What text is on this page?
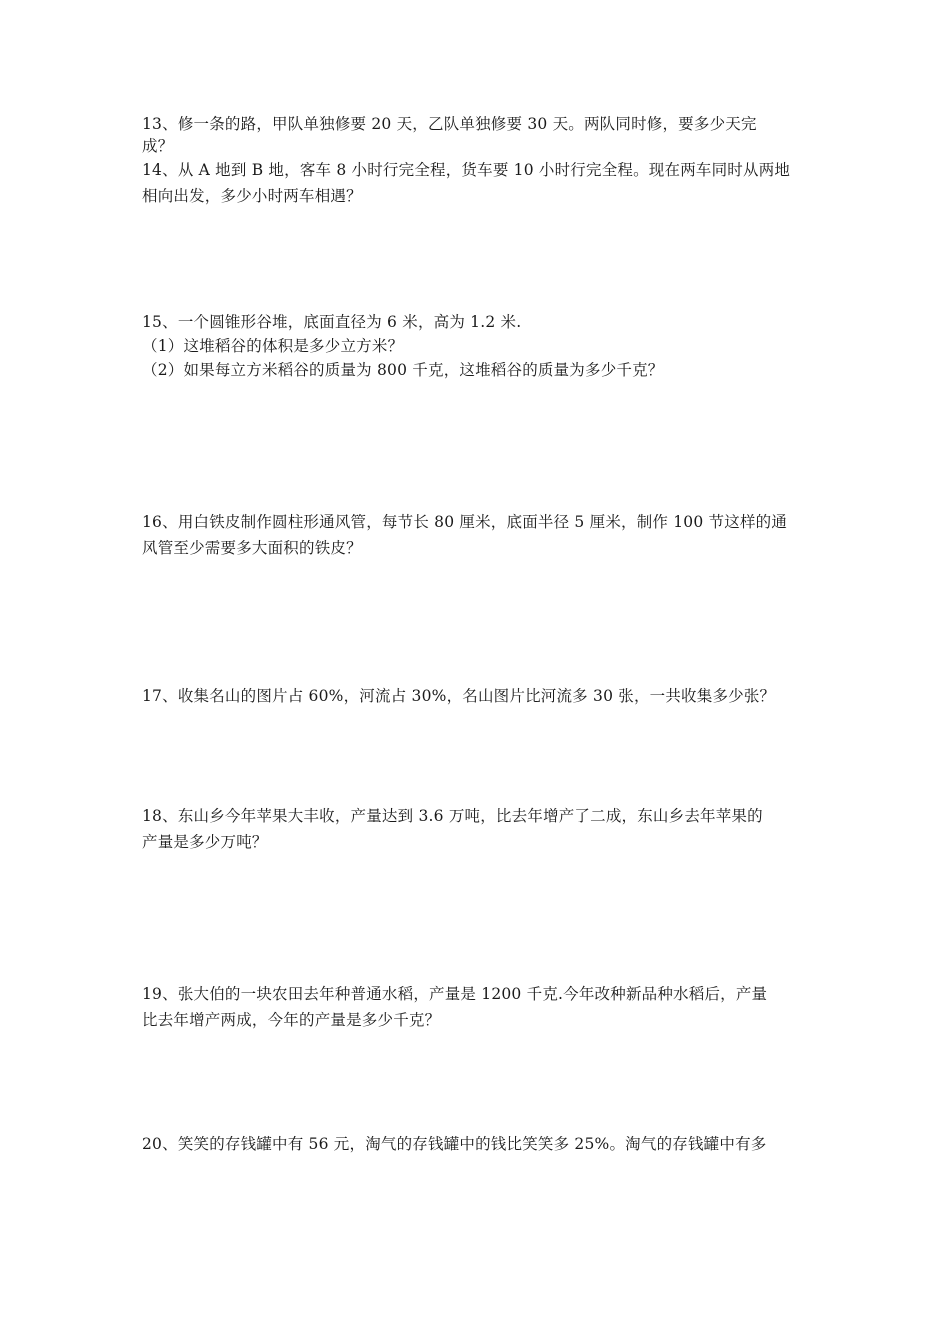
13、修一条的路，甲队单独修要 20 天，乙队单独修要 30 天。两队同时修，要多少天完

成？

14、从 A 地到 B 地，客车 8 小时行完全程，货车要 10 小时行完全程。现在两车同时从两地

相向出发，多少小时两车相遇？

15、一个圆锥形谷堆，底面直径为 6 米，高为 1.2 米.

（1）这堆稻谷的体积是多少立方米？

（2）如果每立方米稻谷的质量为 800 千克，这堆稻谷的质量为多少千克？

16、用白铁皮制作圆柱形通风管，每节长 80 厘米，底面半径 5 厘米，制作 100 节这样的通

风管至少需要多大面积的铁皮？

17、收集名山的图片占 60%，河流占 30%，名山图片比河流多 30 张，一共收集多少张？

18、东山乡今年苹果大丰收，产量达到 3.6 万吨，比去年增产了二成，东山乡去年苹果的

产量是多少万吨？

19、张大伯的一块农田去年种普通水稻，产量是 1200 千克.今年改种新品种水稻后，产量

比去年增产两成，今年的产量是多少千克？

20、笑笑的存钱罐中有 56 元，淘气的存钱罐中的钱比笑笑多 25%。淘气的存钱罐中有多
